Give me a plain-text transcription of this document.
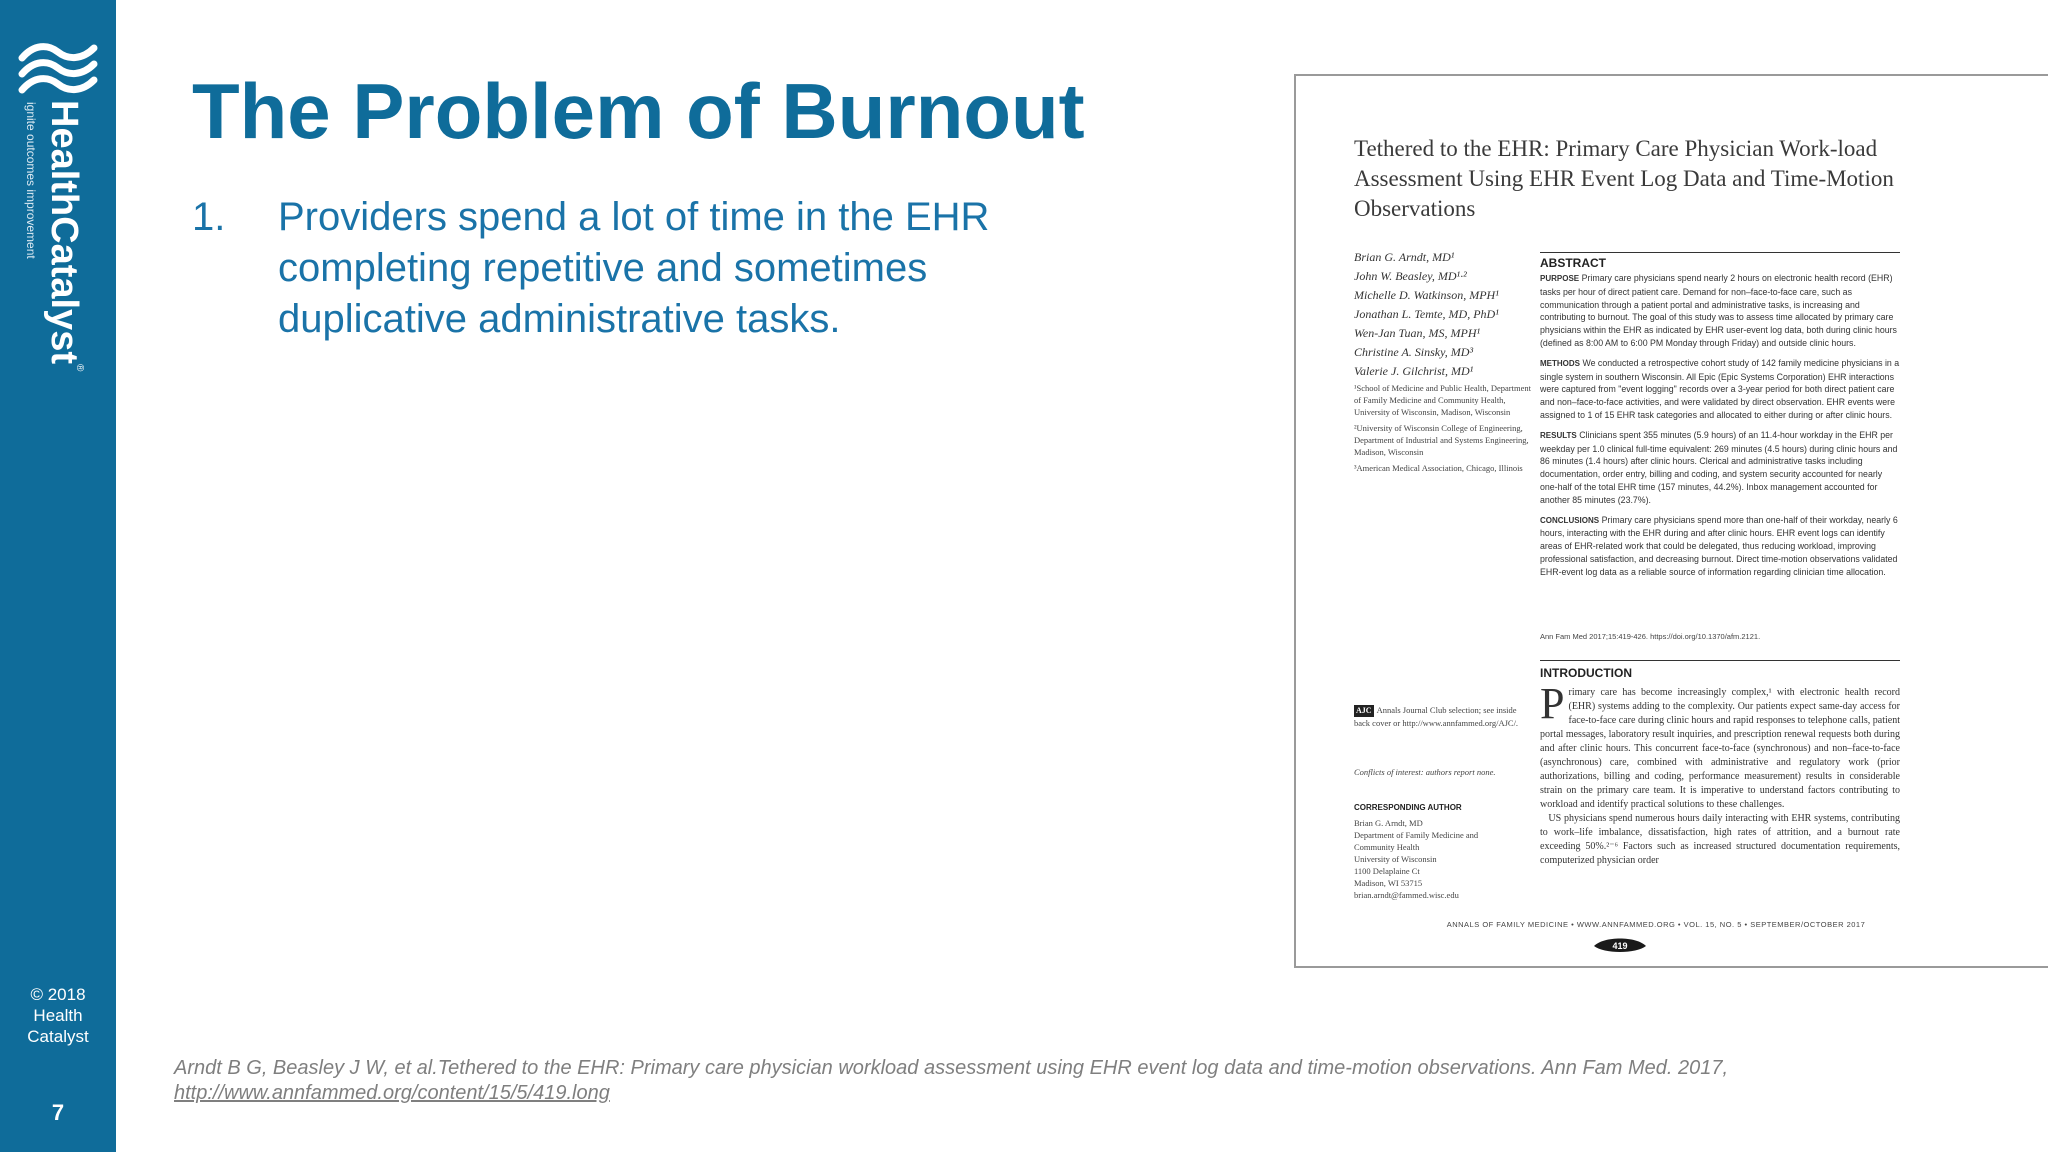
HealthCatalyst®
ignite outcomes improvement
© 2018
Health
Catalyst
7
The Problem of Burnout
1. Providers spend a lot of time in the EHR completing repetitive and sometimes duplicative administrative tasks.
Arndt B G, Beasley J W, et al.Tethered to the EHR: Primary care physician workload assessment using EHR event log data and time-motion observations. Ann Fam Med. 2017,
http://www.annfammed.org/content/15/5/419.long
Tethered to the EHR: Primary Care Physician Work-load Assessment Using EHR Event Log Data and Time-Motion Observations
Brian G. Arndt, MD¹
John W. Beasley, MD¹·²
Michelle D. Watkinson, MPH¹
Jonathan L. Temte, MD, PhD¹
Wen-Jan Tuan, MS, MPH¹
Christine A. Sinsky, MD³
Valerie J. Gilchrist, MD¹

¹School of Medicine and Public Health, Department of Family Medicine and Community Health, University of Wisconsin, Madison, Wisconsin

²University of Wisconsin College of Engineering, Department of Industrial and Systems Engineering, Madison, Wisconsin

³American Medical Association, Chicago, Illinois

ABSTRACT

PURPOSE Primary care physicians spend nearly 2 hours on electronic health record (EHR) tasks per hour of direct patient care. Demand for non–face-to-face care, such as communication through a patient portal and administrative tasks, is increasing and contributing to burnout. The goal of this study was to assess time allocated by primary care physicians within the EHR as indicated by EHR user-event log data, both during clinic hours (defined as 8:00 AM to 6:00 PM Monday through Friday) and outside clinic hours.

METHODS We conducted a retrospective cohort study of 142 family medicine physicians in a single system in southern Wisconsin. All Epic (Epic Systems Corporation) EHR interactions were captured from "event logging" records over a 3-year period for both direct patient care and non–face-to-face activities, and were validated by direct observation. EHR events were assigned to 1 of 15 EHR task categories and allocated to either during or after clinic hours.

RESULTS Clinicians spent 355 minutes (5.9 hours) of an 11.4-hour workday in the EHR per weekday per 1.0 clinical full-time equivalent: 269 minutes (4.5 hours) during clinic hours and 86 minutes (1.4 hours) after clinic hours. Clerical and administrative tasks including documentation, order entry, billing and coding, and system security accounted for nearly one-half of the total EHR time (157 minutes, 44.2%). Inbox management accounted for another 85 minutes (23.7%).

CONCLUSIONS Primary care physicians spend more than one-half of their workday, nearly 6 hours, interacting with the EHR during and after clinic hours. EHR event logs can identify areas of EHR-related work that could be delegated, thus reducing workload, improving professional satisfaction, and decreasing burnout. Direct time-motion observations validated EHR-event log data as a reliable source of information regarding clinician time allocation.

Ann Fam Med 2017;15:419-426. https://doi.org/10.1370/afm.2121.
INTRODUCTION
Primary care has become increasingly complex,¹ with electronic health record (EHR) systems adding to the complexity. Our patients expect same-day access for face-to-face care during clinic hours and rapid responses to telephone calls, patient portal messages, laboratory result inquiries, and prescription renewal requests both during and after clinic hours. This concurrent face-to-face (synchronous) and non–face-to-face (asynchronous) care, combined with administrative and regulatory work (prior authorizations, billing and coding, performance measurement) results in considerable strain on the primary care team. It is imperative to understand factors contributing to workload and identify practical solutions to these challenges.
US physicians spend numerous hours daily interacting with EHR systems, contributing to work–life imbalance, dissatisfaction, high rates of attrition, and a burnout rate exceeding 50%.²⁻⁶ Factors such as increased structured documentation requirements, computerized physician order
AJC Annals Journal Club selection; see inside back cover or http://www.annfammed.org/AJC/.
Conflicts of interest: authors report none.
CORRESPONDING AUTHOR
Brian G. Arndt, MD
Department of Family Medicine and
Community Health
University of Wisconsin
1100 Delaplaine Ct
Madison, WI 53715
brian.arndt@fammed.wisc.edu
ANNALS OF FAMILY MEDICINE • WWW.ANNFAMMED.ORG • VOL. 15, NO. 5 • SEPTEMBER/OCTOBER 2017
419
